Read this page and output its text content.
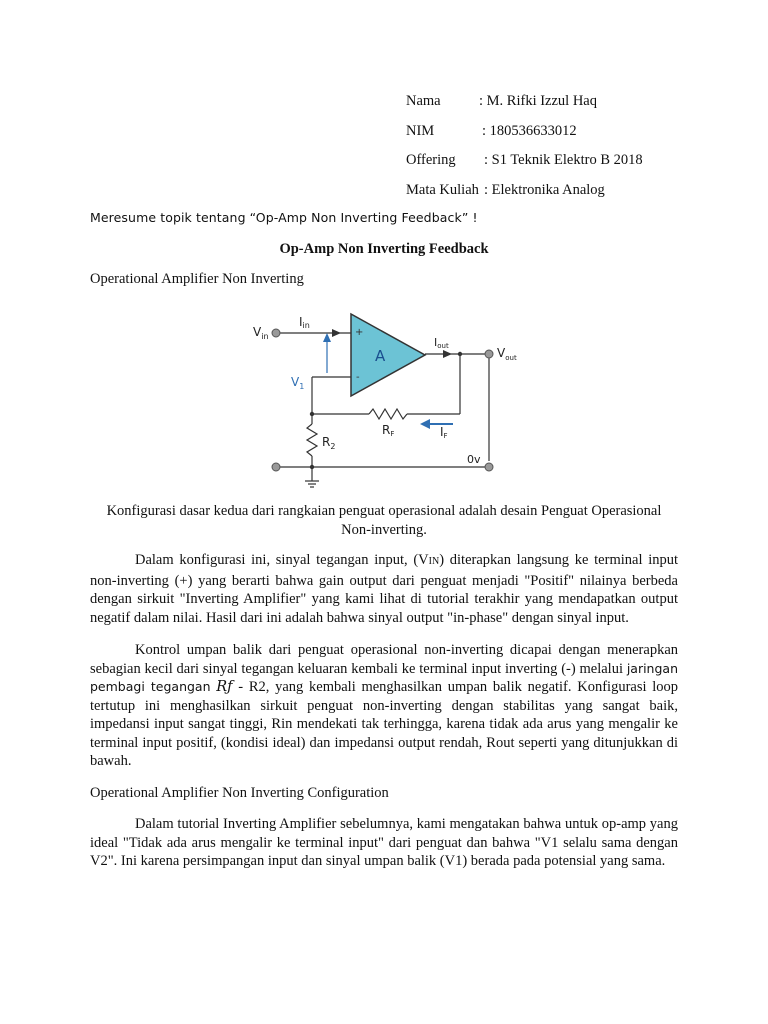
Nama	: M. Rifki Izzul Haq
NIM	: 180536633012
Offering : S1 Teknik Elektro B 2018
Mata Kuliah : Elektronika Analog
Meresume topik tentang “Op-Amp Non Inverting Feedback” !
Op-Amp Non Inverting Feedback
Operational Amplifier Non Inverting
$V_{in}$
Iin
+
-
A
Iout	$V_{out}$
$V_1$
RF	IF
$R_2$
0v
Konfigurasi dasar kedua dari rangkaian penguat operasional adalah desain Penguat Operasional Non-inverting.

Dalam konfigurasi ini, sinyal tegangan input, (VIN) diterapkan langsung ke terminal input non-inverting (+) yang berarti bahwa gain output dari penguat menjadi "Positif" nilainya berbeda dengan sirkuit "Inverting Amplifier" yang kami lihat di tutorial terakhir yang mendapatkan output negatif dalam nilai. Hasil dari ini adalah bahwa sinyal output "in-phase" dengan sinyal input.

Kontrol umpan balik dari penguat operasional non-inverting dicapai dengan menerapkan sebagian kecil dari sinyal tegangan keluaran kembali ke terminal input inverting (-) melalui jaringan pembagi tegangan Rƒ - R2, yang kembali menghasilkan umpan balik negatif. Konfigurasi loop tertutup ini menghasilkan sirkuit penguat non-inverting dengan stabilitas yang sangat baik, impedansi input sangat tinggi, Rin mendekati tak terhingga, karena tidak ada arus yang mengalir ke terminal input positif, (kondisi ideal) dan impedansi output rendah, Rout seperti yang ditunjukkan di bawah.

Operational Amplifier Non Inverting Configuration

Dalam tutorial Inverting Amplifier sebelumnya, kami mengatakan bahwa untuk op-amp yang ideal "Tidak ada arus mengalir ke terminal input" dari penguat dan bahwa "V1 selalu sama dengan V2". Ini karena persimpangan input dan sinyal umpan balik (V1) berada pada potensial yang sama.
